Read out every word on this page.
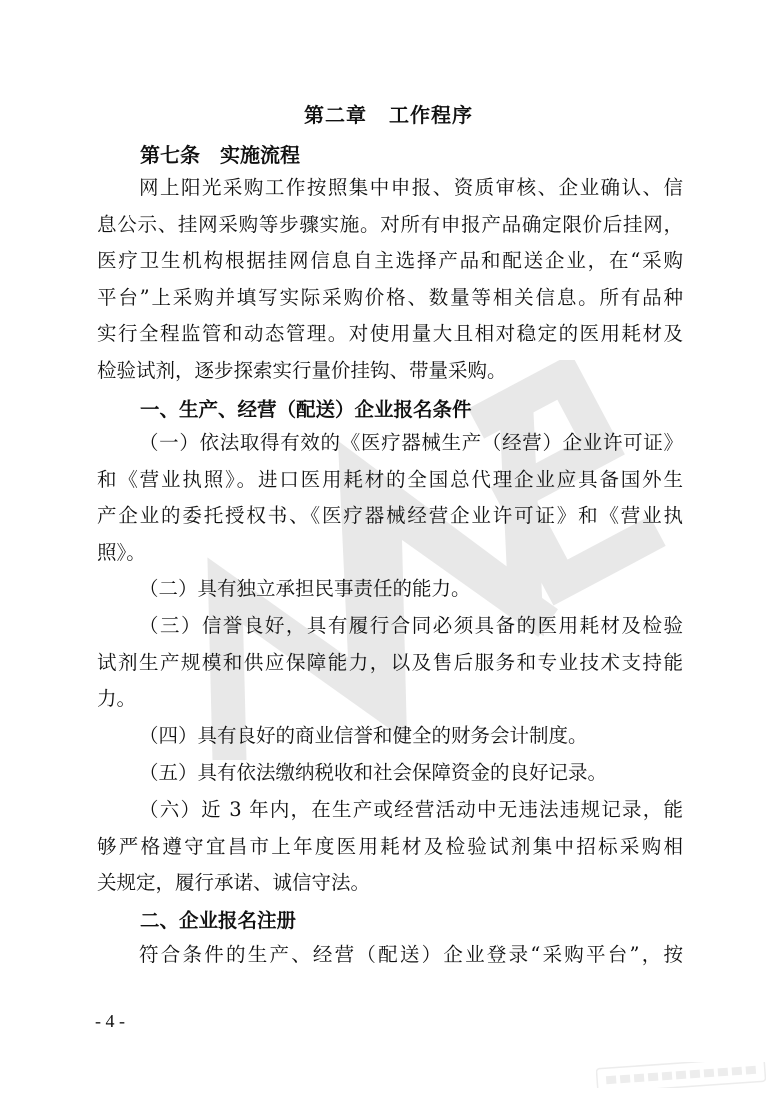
第二章 工作程序
第七条 实施流程
网上阳光采购工作按照集中申报、资质审核、企业确认、信
息公示、挂网采购等步骤实施。对所有申报产品确定限价后挂网，
医疗卫生机构根据挂网信息自主选择产品和配送企业，在“采购
平台”上采购并填写实际采购价格、数量等相关信息。所有品种
实行全程监管和动态管理。对使用量大且相对稳定的医用耗材及
检验试剂，逐步探索实行量价挂钩、带量采购。
一、生产、经营（配送）企业报名条件
（一）依法取得有效的《医疗器械生产（经营）企业许可证》
和《营业执照》。进口医用耗材的全国总代理企业应具备国外生
产企业的委托授权书、《医疗器械经营企业许可证》和《营业执
照》。
（二）具有独立承担民事责任的能力。
（三）信誉良好，具有履行合同必须具备的医用耗材及检验
试剂生产规模和供应保障能力，以及售后服务和专业技术支持能
力。
（四）具有良好的商业信誉和健全的财务会计制度。
（五）具有依法缴纳税收和社会保障资金的良好记录。
（六）近 3 年内，在生产或经营活动中无违法违规记录，能
够严格遵守宜昌市上年度医用耗材及检验试剂集中招标采购相
关规定，履行承诺、诚信守法。
二、企业报名注册
符合条件的生产、经营（配送）企业登录“采购平台”，按
- 4 -
